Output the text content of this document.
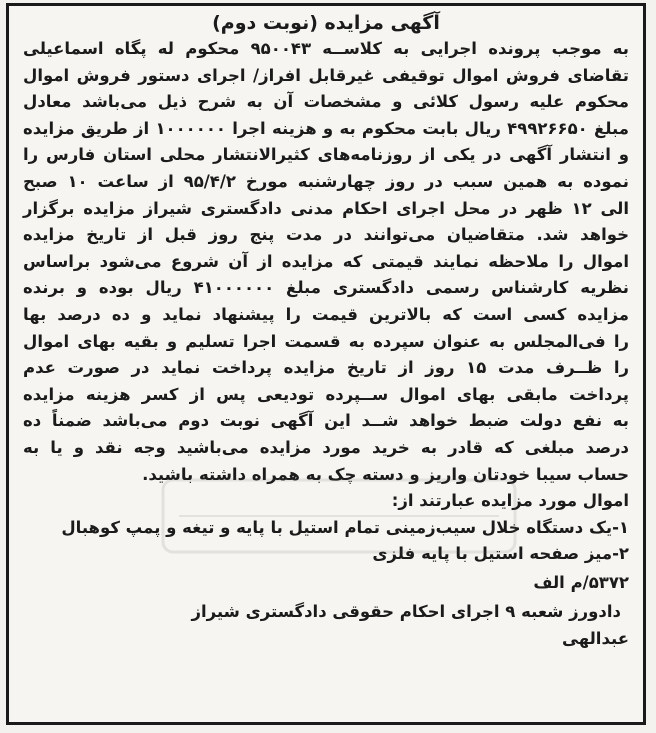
آگهی مزایده (نوبت دوم)
به موجب پرونده اجرایی به کلاســه ۹۵۰۰۴۳ محکوم له پگاه اسماعیلی
تقاضای فروش اموال توقیفی غیرقابل افراز/ اجرای دستور فروش اموال
محکوم علیه رسول کلائی و مشخصات آن به شرح ذیل می‌باشد معادل
مبلغ ۴۹۹۲۶۶۵۰ ریال بابت محکوم به و هزینه اجرا ۱۰۰۰۰۰۰ از طریق مزایده
و انتشار آگهی در یکی از روزنامه‌های کثیرالانتشار محلی استان فارس را
نموده به همین سبب در روز چهارشنبه مورخ ۹۵/۴/۲ از ساعت ۱۰ صبح
الی ۱۲ ظهر در محل اجرای احکام مدنی دادگستری شیراز مزایده برگزار
خواهد شد. متقاضیان می‌توانند در مدت پنج روز قبل از تاریخ مزایده
اموال را ملاحظه نمایند قیمتی که مزایده از آن شروع می‌شود براساس
نظریه کارشناس رسمی دادگستری مبلغ ۴۱۰۰۰۰۰۰ ریال بوده و برنده
مزایده کسی است که بالاترین قیمت را پیشنهاد نماید و ده درصد بها
را فی‌المجلس به عنوان سپرده به قسمت اجرا تسلیم و بقیه بهای اموال
را ظــرف مدت ۱۵ روز از تاریخ مزایده پرداخت نماید در صورت عدم
پرداخت مابقی بهای اموال ســپرده تودیعی پس از کسر هزینه مزایده
به نفع دولت ضبط خواهد شــد این آگهی نوبت دوم می‌باشد ضمناً ده
درصد مبلغی که قادر به خرید مورد مزایده می‌باشید وجه نقد و یا به
حساب سیبا خودتان واریز و دسته چک به همراه داشته باشید.
اموال مورد مزایده عبارتند از:
۱-یک دستگاه خلال سیب‌زمینی تمام استیل با پایه و تیغه و پمپ کوهبال
۲-میز صفحه استیل با پایه فلزی
۵۳۷۲/م الف
دادورز شعبه ۹ اجرای احکام حقوقی دادگستری شیراز
عبدالهی
